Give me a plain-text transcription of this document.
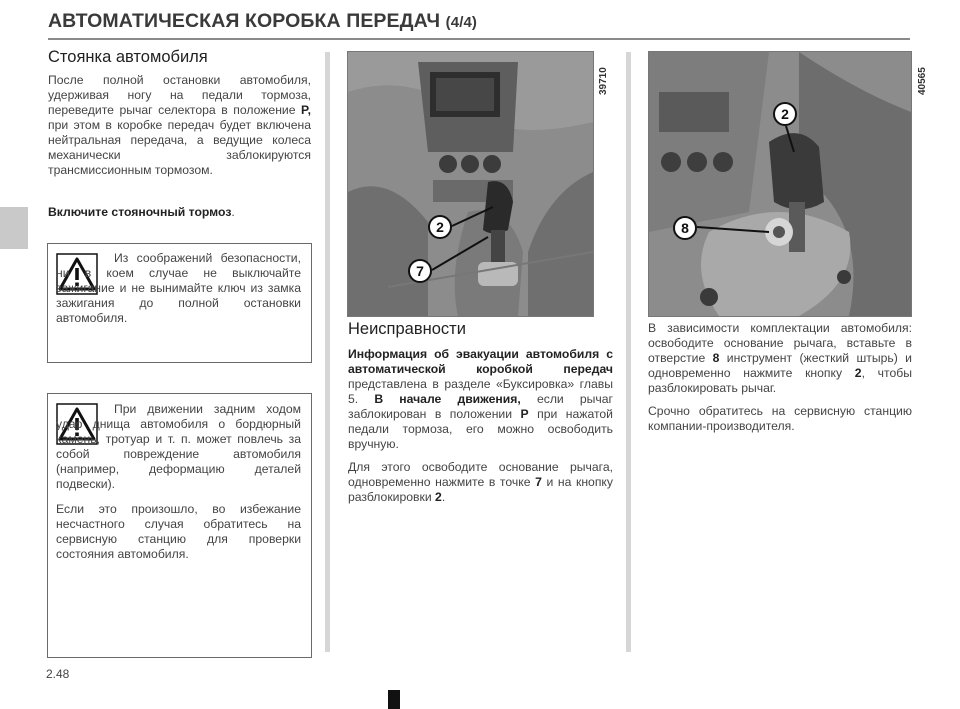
АВТОМАТИЧЕСКАЯ КОРОБКА ПЕРЕДАЧ (4/4)
Стоянка автомобиля

После полной остановки автомобиля, удерживая ногу на педали тормоза, переведите рычаг селектора в положение P, при этом в коробке передач будет включена нейтральная передача, а ведущие колеса механически заблокируются трансмиссионным тормозом.

Включите стояночный тормоз.

Из соображений безопасности, ни в коем случае не выключайте зажигание и не вынимайте ключ из замка зажигания до полной остановки автомобиля.

При движении задним ходом удар днища автомобиля о бордюрный камень, тротуар и т. п. может повлечь за собой повреждение автомобиля (например, деформацию деталей подвески).

Если это произошло, во избежание несчастного случая обратитесь на сервисную станцию для проверки состояния автомобиля.

2
7
39710
Неисправности

Информация об эвакуации автомобиля с автоматической коробкой передач представлена в разделе «Буксировка» главы 5. В начале движения, если рычаг заблокирован в положении P при нажатой педали тормоза, его можно освободить вручную.

Для этого освободите основание рычага, одновременно нажмите в точке 7 и на кнопку разблокировки 2.

2
8
40565

В зависимости комплектации автомобиля: освободите основание рычага, вставьте в отверстие 8 инструмент (жесткий штырь) и одновременно нажмите кнопку 2, чтобы разблокировать рычаг.

Срочно обратитесь на сервисную станцию компании-производителя.

2.48
